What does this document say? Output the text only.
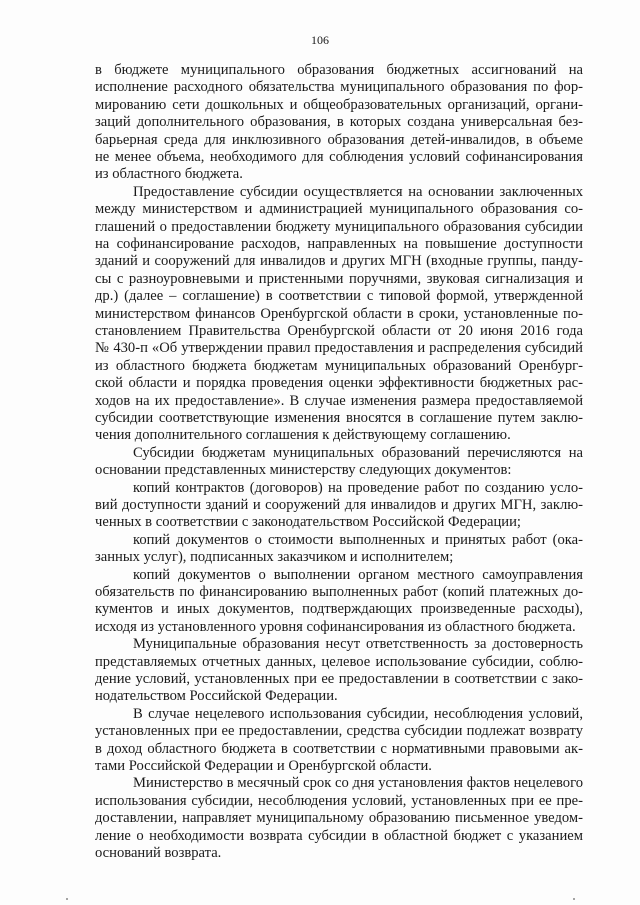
106
в бюджете муниципального образования бюджетных ассигнований на
исполнение расходного обязательства муниципального образования по фор-
мированию сети дошкольных и общеобразовательных организаций, органи-
заций дополнительного образования, в которых создана универсальная без-
барьерная среда для инклюзивного образования детей-инвалидов, в объеме
не менее объема, необходимого для соблюдения условий софинансирования
из областного бюджета.
Предоставление субсидии осуществляется на основании заключенных
между министерством и администрацией муниципального образования со-
глашений о предоставлении бюджету муниципального образования субсидии
на софинансирование расходов, направленных на повышение доступности
зданий и сооружений для инвалидов и других МГН (входные группы, панду-
сы с разноуровневыми и пристенными поручнями, звуковая сигнализация и
др.) (далее – соглашение) в соответствии с типовой формой, утвержденной
министерством финансов Оренбургской области в сроки, установленные по-
становлением Правительства Оренбургской области от 20 июня 2016 года
№ 430-п «Об утверждении правил предоставления и распределения субсидий
из областного бюджета бюджетам муниципальных образований Оренбург-
ской области и порядка проведения оценки эффективности бюджетных рас-
ходов на их предоставление». В случае изменения размера предоставляемой
субсидии соответствующие изменения вносятся в соглашение путем заклю-
чения дополнительного соглашения к действующему соглашению.
Субсидии бюджетам муниципальных образований перечисляются на
основании представленных министерству следующих документов:
копий контрактов (договоров) на проведение работ по созданию усло-
вий доступности зданий и сооружений для инвалидов и других МГН, заклю-
ченных в соответствии с законодательством Российской Федерации;
копий документов о стоимости выполненных и принятых работ (ока-
занных услуг), подписанных заказчиком и исполнителем;
копий документов о выполнении органом местного самоуправления
обязательств по финансированию выполненных работ (копий платежных до-
кументов и иных документов, подтверждающих произведенные расходы),
исходя из установленного уровня софинансирования из областного бюджета.
Муниципальные образования несут ответственность за достоверность
представляемых отчетных данных, целевое использование субсидии, соблю-
дение условий, установленных при ее предоставлении в соответствии с зако-
нодательством Российской Федерации.
В случае нецелевого использования субсидии, несоблюдения условий,
установленных при ее предоставлении, средства субсидии подлежат возврату
в доход областного бюджета в соответствии с нормативными правовыми ак-
тами Российской Федерации и Оренбургской области.
Министерство в месячный срок со дня установления фактов нецелевого
использования субсидии, несоблюдения условий, установленных при ее пре-
доставлении, направляет муниципальному образованию письменное уведом-
ление о необходимости возврата субсидии в областной бюджет с указанием
оснований возврата.
